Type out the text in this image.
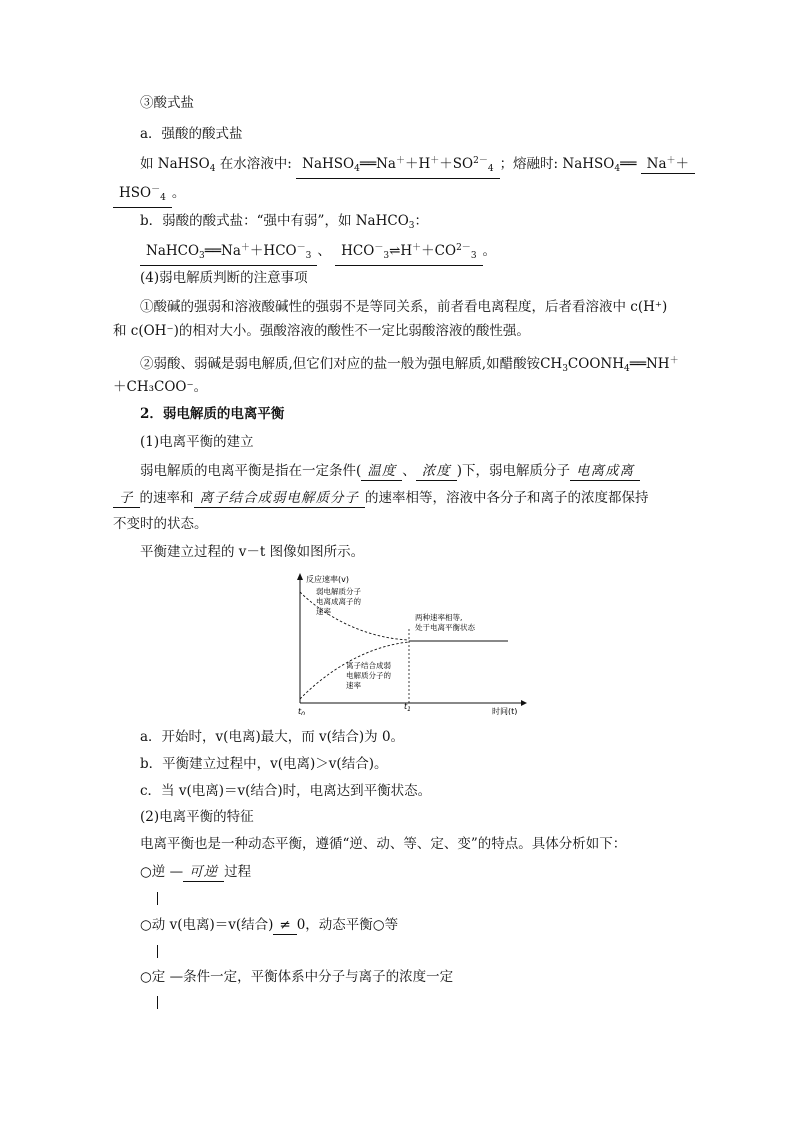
③酸式盐
a．强酸的酸式盐
如 NaHSO$_4$ 在水溶液中: $NaHSO_4══Na^++H^++SO^{2-}_4$ ；熔融时: NaHSO$_4$══ Na＋＋
$HSO^-_4$ 。
b．弱酸的酸式盐：“强中有弱”，如 NaHCO$_3$：
$NaHCO_3══Na^++HCO^-_3$ 、 $HCO^-_3\rightleftharpoons H^++CO^{2-}_3$ 。
(4)弱电解质判断的注意事项
①酸碱的强弱和溶液酸碱性的强弱不是等同关系，前者看电离程度，后者看溶液中 c(H⁺)
和 c(OH⁻)的相对大小。强酸溶液的酸性不一定比弱酸溶液的酸性强。
②弱酸、弱碱是弱电解质,但它们对应的盐一般为强电解质,如醋酸铵$CH_3COONH_4══NH^+$
＋CH₃COO⁻。
2．弱电解质的电离平衡
(1)电离平衡的建立
弱电解质的电离平衡是指在一定条件( 温度 、 浓度 )下，弱电解质分子 电离成离
子 的速率和 离子结合成弱电解质分子 的速率相等，溶液中各分子和离子的浓度都保持
不变时的状态。
平衡建立过程的 v－t 图像如图所示。
反应速率(v)
时间(t)
$t_0$
$t_1$
弱电解质分子
电离成离子的
速率
两种速率相等,
处于电离平衡状态
离子结合成弱
电解质分子的
速率
a．开始时，v(电离)最大，而 v(结合)为 0。
b．平衡建立过程中，v(电离)＞v(结合)。
c．当 v(电离)＝v(结合)时，电离达到平衡状态。
(2)电离平衡的特征
电离平衡也是一种动态平衡，遵循“逆、动、等、定、变”的特点。具体分析如下：
○逆 — 可逆 过程
○动 v(电离)＝v(结合) ≠ 0，动态平衡○等
○定 —条件一定，平衡体系中分子与离子的浓度一定
